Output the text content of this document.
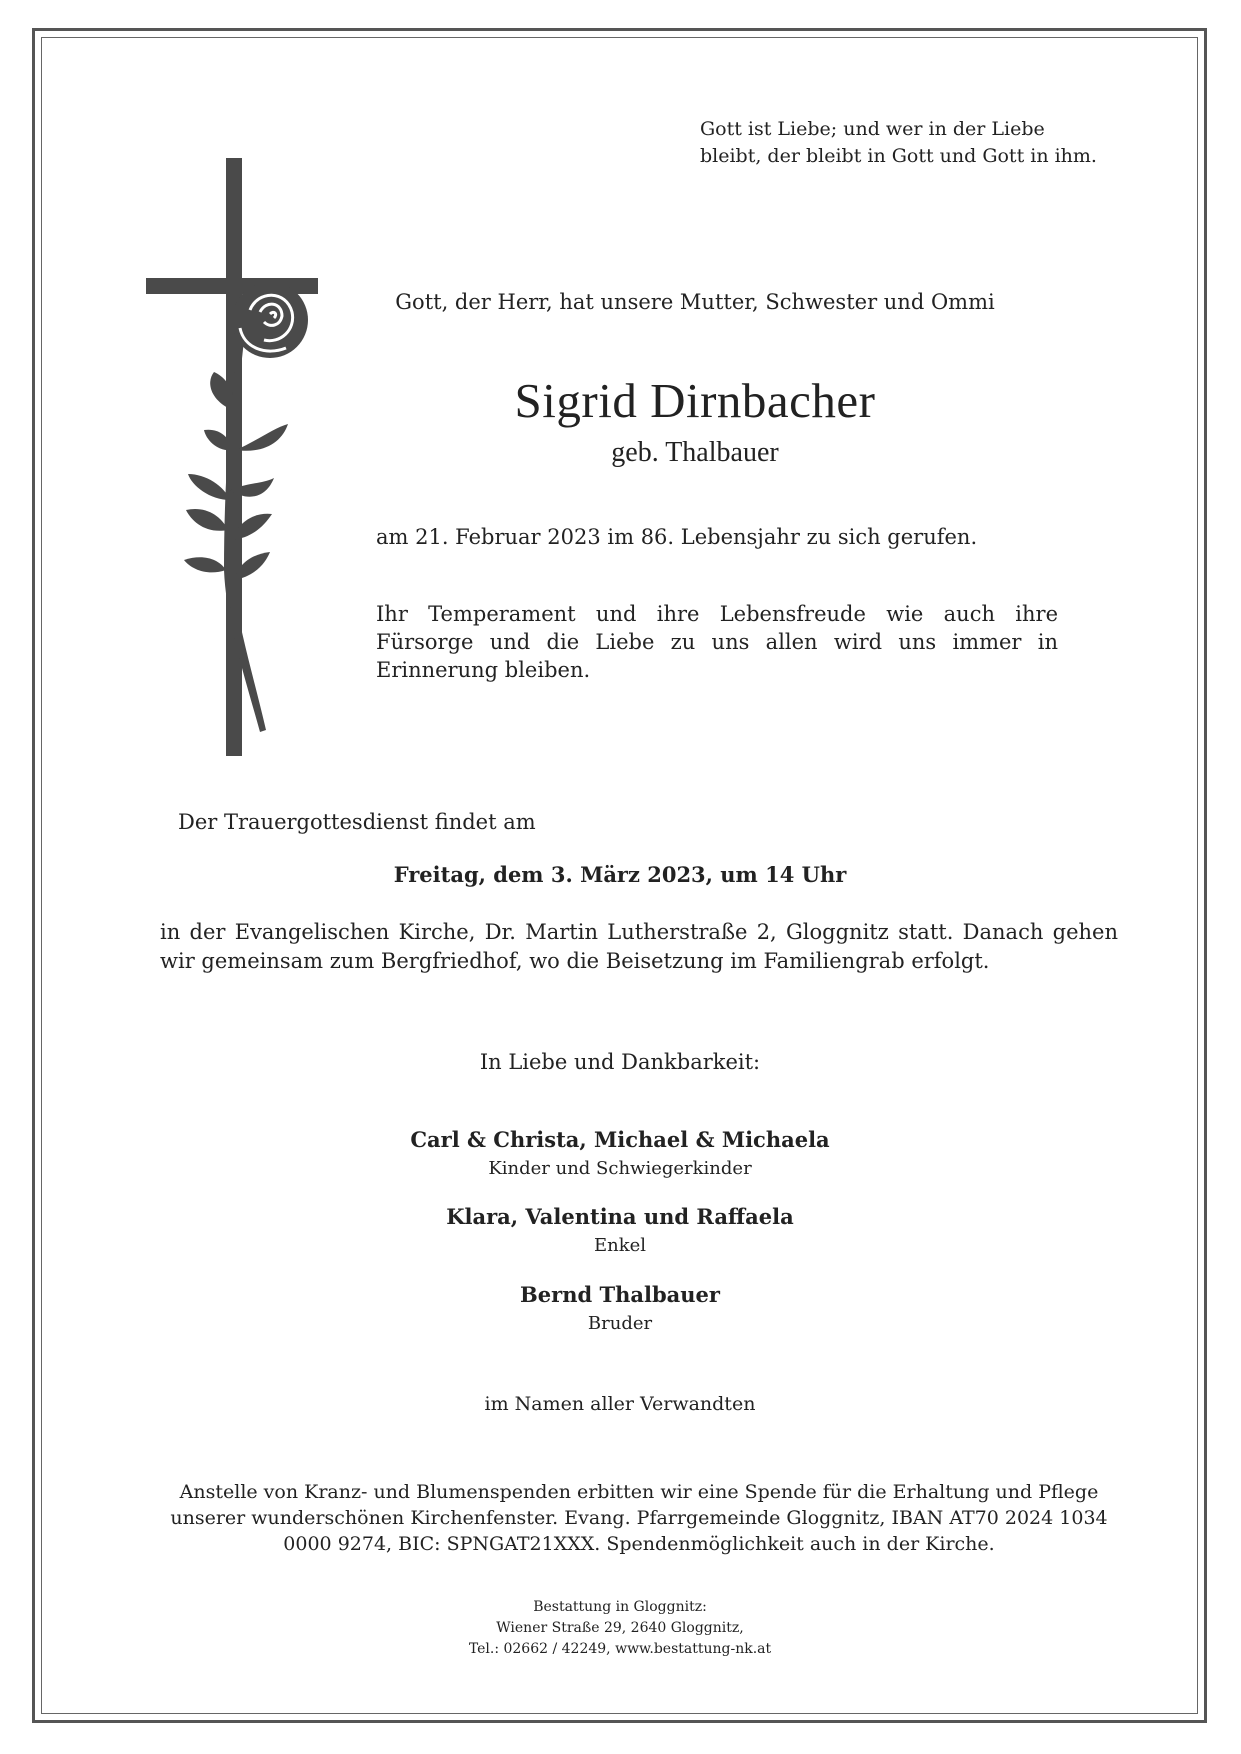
Gott ist Liebe; und wer in der Liebe
bleibt, der bleibt in Gott und Gott in ihm.

Gott, der Herr, hat unsere Mutter, Schwester und Ommi

Sigrid Dirnbacher

geb. Thalbauer

am 21. Februar 2023 im 86. Lebensjahr zu sich gerufen.

Ihr Temperament und ihre Lebensfreude wie auch ihre Fürsorge und die Liebe zu uns allen wird uns immer in Erinnerung bleiben.

Der Trauergottesdienst findet am

Freitag, dem 3. März 2023, um 14 Uhr

in der Evangelischen Kirche, Dr. Martin Lutherstraße 2, Gloggnitz statt. Danach gehen wir gemeinsam zum Bergfriedhof, wo die Beisetzung im Familiengrab erfolgt.

In Liebe und Dankbarkeit:

Carl & Christa, Michael & Michaela

Kinder und Schwiegerkinder

Klara, Valentina und Raffaela

Enkel

Bernd Thalbauer

Bruder

im Namen aller Verwandten

Anstelle von Kranz- und Blumenspenden erbitten wir eine Spende für die Erhaltung und Pflege
unserer wunderschönen Kirchenfenster. Evang. Pfarrgemeinde Gloggnitz, IBAN AT70 2024 1034
0000 9274, BIC: SPNGAT21XXX. Spendenmöglichkeit auch in der Kirche.
Bestattung in Gloggnitz:
Wiener Straße 29, 2640 Gloggnitz,
Tel.: 02662 / 42249, www.bestattung-nk.at
